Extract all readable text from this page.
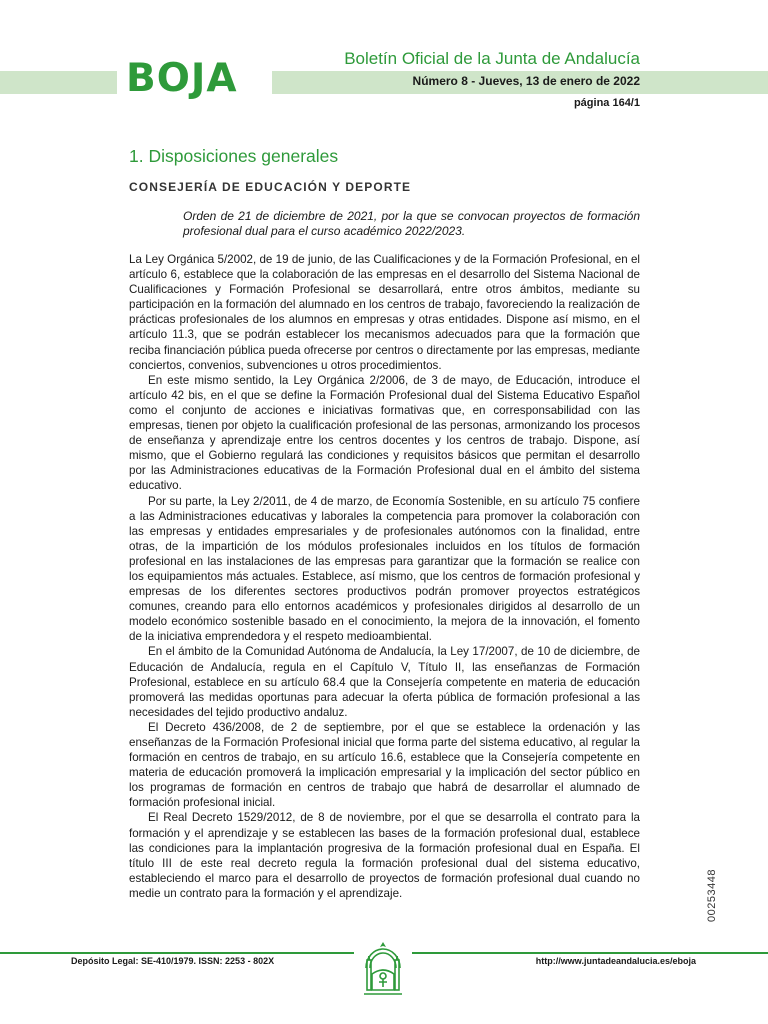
BOJA	Boletín Oficial de la Junta de Andalucía
Número 8 - Jueves, 13 de enero de 2022
página 164/1
1. Disposiciones generales
CONSEJERÍA DE EDUCACIÓN Y DEPORTE
Orden de 21 de diciembre de 2021, por la que se convocan proyectos de formación profesional dual para el curso académico 2022/2023.

La Ley Orgánica 5/2002, de 19 de junio, de las Cualificaciones y de la Formación Profesional, en el artículo 6, establece que la colaboración de las empresas en el desarrollo del Sistema Nacional de Cualificaciones y Formación Profesional se desarrollará, entre otros ámbitos, mediante su participación en la formación del alumnado en los centros de trabajo, favoreciendo la realización de prácticas profesionales de los alumnos en empresas y otras entidades. Dispone así mismo, en el artículo 11.3, que se podrán establecer los mecanismos adecuados para que la formación que reciba financiación pública pueda ofrecerse por centros o directamente por las empresas, mediante conciertos, convenios, subvenciones u otros procedimientos.

En este mismo sentido, la Ley Orgánica 2/2006, de 3 de mayo, de Educación, introduce el artículo 42 bis, en el que se define la Formación Profesional dual del Sistema Educativo Español como el conjunto de acciones e iniciativas formativas que, en corresponsabilidad con las empresas, tienen por objeto la cualificación profesional de las personas, armonizando los procesos de enseñanza y aprendizaje entre los centros docentes y los centros de trabajo. Dispone, así mismo, que el Gobierno regulará las condiciones y requisitos básicos que permitan el desarrollo por las Administraciones educativas de la Formación Profesional dual en el ámbito del sistema educativo.

Por su parte, la Ley 2/2011, de 4 de marzo, de Economía Sostenible, en su artículo 75 confiere a las Administraciones educativas y laborales la competencia para promover la colaboración con las empresas y entidades empresariales y de profesionales autónomos con la finalidad, entre otras, de la impartición de los módulos profesionales incluidos en los títulos de formación profesional en las instalaciones de las empresas para garantizar que la formación se realice con los equipamientos más actuales. Establece, así mismo, que los centros de formación profesional y empresas de los diferentes sectores productivos podrán promover proyectos estratégicos comunes, creando para ello entornos académicos y profesionales dirigidos al desarrollo de un modelo económico sostenible basado en el conocimiento, la mejora de la innovación, el fomento de la iniciativa emprendedora y el respeto medioambiental.

En el ámbito de la Comunidad Autónoma de Andalucía, la Ley 17/2007, de 10 de diciembre, de Educación de Andalucía, regula en el Capítulo V, Título II, las enseñanzas de Formación Profesional, establece en su artículo 68.4 que la Consejería competente en materia de educación promoverá las medidas oportunas para adecuar la oferta pública de formación profesional a las necesidades del tejido productivo andaluz.

El Decreto 436/2008, de 2 de septiembre, por el que se establece la ordenación y las enseñanzas de la Formación Profesional inicial que forma parte del sistema educativo, al regular la formación en centros de trabajo, en su artículo 16.6, establece que la Consejería competente en materia de educación promoverá la implicación empresarial y la implicación del sector público en los programas de formación en centros de trabajo que habrá de desarrollar el alumnado de formación profesional inicial.

El Real Decreto 1529/2012, de 8 de noviembre, por el que se desarrolla el contrato para la formación y el aprendizaje y se establecen las bases de la formación profesional dual, establece las condiciones para la implantación progresiva de la formación profesional dual en España. El título III de este real decreto regula la formación profesional dual del sistema educativo, estableciendo el marco para el desarrollo de proyectos de formación profesional dual cuando no medie un contrato para la formación y el aprendizaje.	00253448
Depósito Legal: SE-410/1979. ISSN: 2253 - 802X	http://www.juntadeandalucia.es/eboja
